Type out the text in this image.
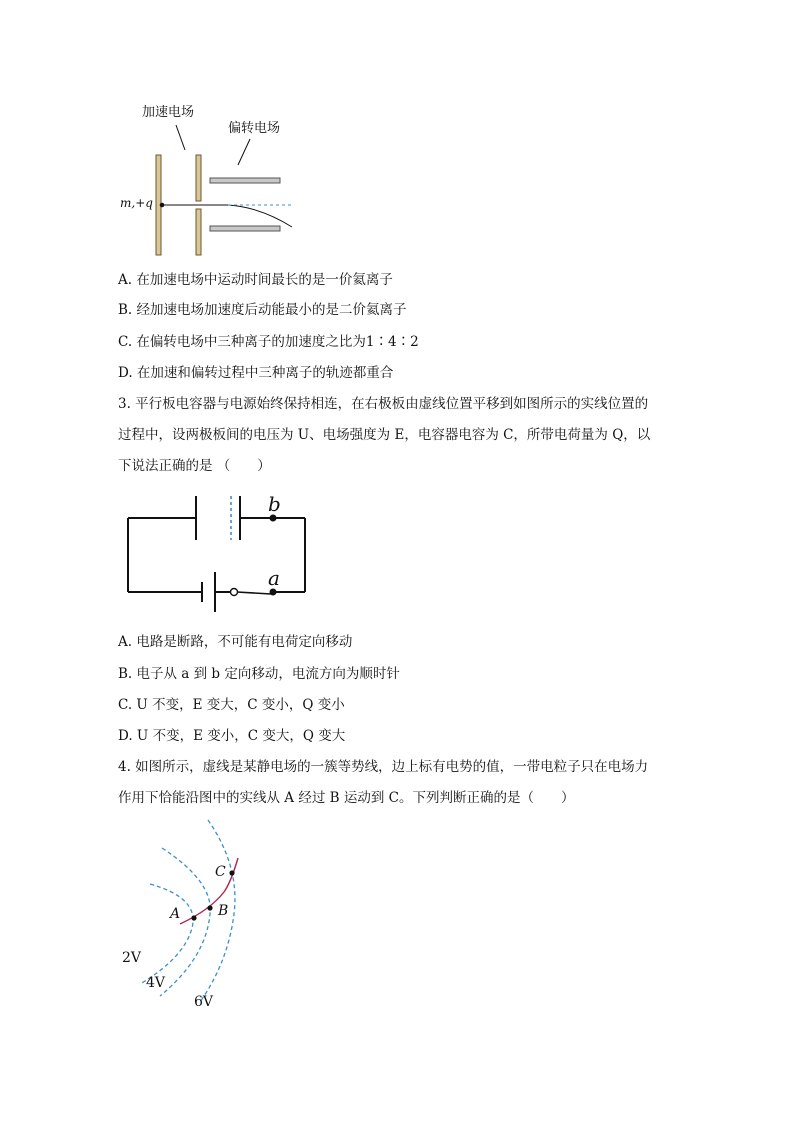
加速电场
偏转电场
m,+q
A. 在加速电场中运动时间最长的是一价氦离子
B. 经加速电场加速度后动能最小的是二价氦离子
C. 在偏转电场中三种离子的加速度之比为1∶4∶2
D. 在加速和偏转过程中三种离子的轨迹都重合
3. 平行板电容器与电源始终保持相连，在右极板由虚线位置平移到如图所示的实线位置的
过程中，设两极板间的电压为 U、电场强度为 E，电容器电容为 C，所带电荷量为 Q，以
下说法正确的是 （　　）
b
a
A. 电路是断路，不可能有电荷定向移动
B. 电子从 a 到 b 定向移动，电流方向为顺时针
C. U 不变，E 变大，C 变小，Q 变小
D. U 不变，E 变小，C 变大，Q 变大
4. 如图所示，虚线是某静电场的一簇等势线，边上标有电势的值，一带电粒子只在电场力
作用下恰能沿图中的实线从 A 经过 B 运动到 C。下列判断正确的是（　　）
C
A	B
2V
4V
6V
